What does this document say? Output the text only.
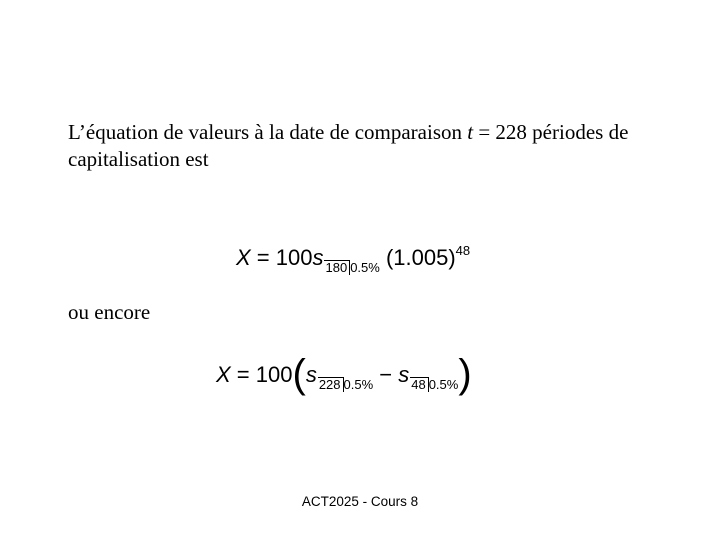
L’équation de valeurs à la date de comparaison t = 228 périodes de capitalisation est
X = 100s 180 $_{0.5\%}$ $(1.005)^{48}$
ou encore
X = 100(s 228 $_{0.5\%}$ − s 48 $_{0.5\%}$)
ACT2025 - Cours 8
